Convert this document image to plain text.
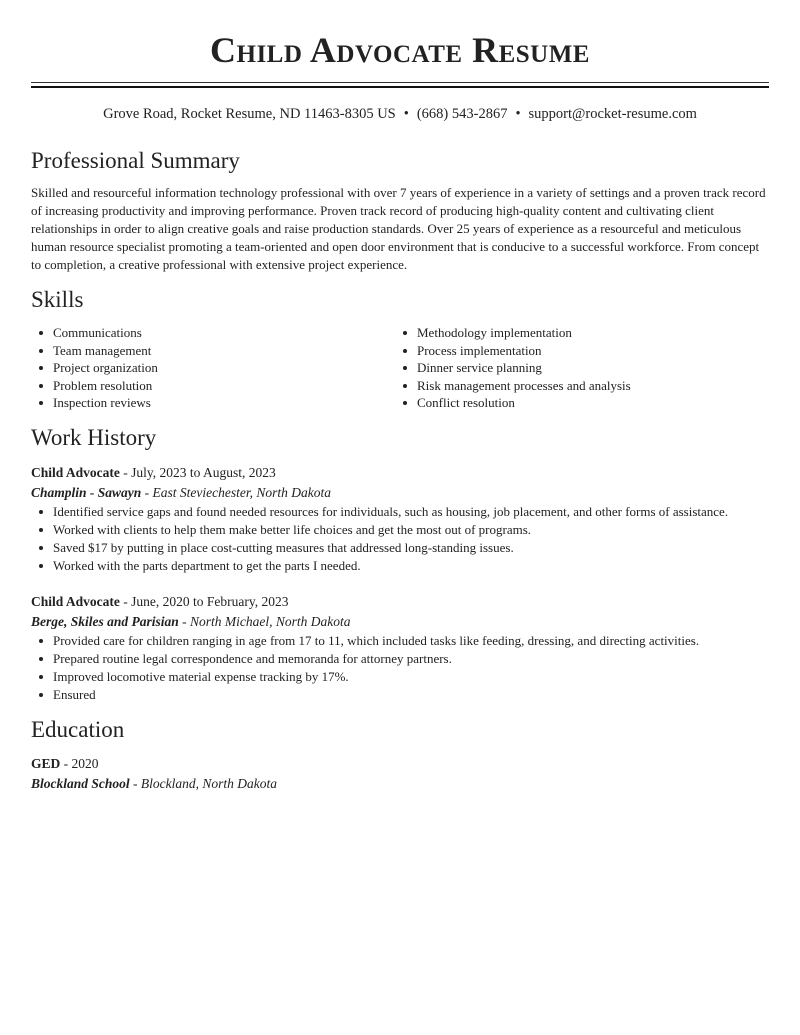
Child Advocate Resume
Grove Road, Rocket Resume, ND 11463-8305 US • (668) 543-2867 • support@rocket-resume.com
Professional Summary
Skilled and resourceful information technology professional with over 7 years of experience in a variety of settings and a proven track record of increasing productivity and improving performance. Proven track record of producing high-quality content and cultivating client relationships in order to align creative goals and raise production standards. Over 25 years of experience as a resourceful and meticulous human resource specialist promoting a team-oriented and open door environment that is conducive to a successful workforce. From concept to completion, a creative professional with extensive project experience.
Skills
Communications
Team management
Project organization
Problem resolution
Inspection reviews
Methodology implementation
Process implementation
Dinner service planning
Risk management processes and analysis
Conflict resolution
Work History
Child Advocate - July, 2023 to August, 2023
Champlin - Sawayn - East Steviechester, North Dakota
Identified service gaps and found needed resources for individuals, such as housing, job placement, and other forms of assistance.
Worked with clients to help them make better life choices and get the most out of programs.
Saved $17 by putting in place cost-cutting measures that addressed long-standing issues.
Worked with the parts department to get the parts I needed.
Child Advocate - June, 2020 to February, 2023
Berge, Skiles and Parisian - North Michael, North Dakota
Provided care for children ranging in age from 17 to 11, which included tasks like feeding, dressing, and directing activities.
Prepared routine legal correspondence and memoranda for attorney partners.
Improved locomotive material expense tracking by 17%.
Ensured
Education
GED - 2020
Blockland School - Blockland, North Dakota
